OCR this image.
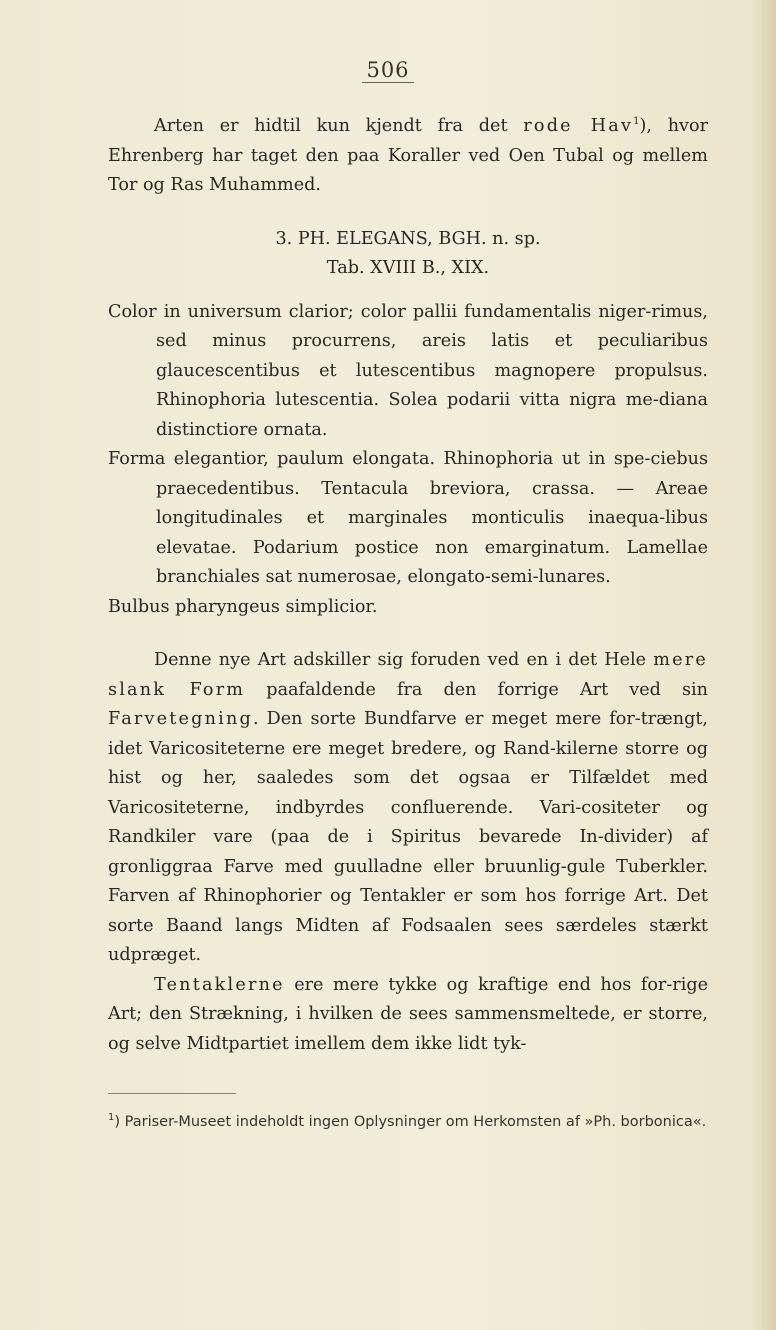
506

Arten er hidtil kun kjendt fra det rode Hav$^1$), hvor Ehrenberg har taget den paa Koraller ved Oen Tubal og mellem Tor og Ras Muhammed.

3. PH. ELEGANS, BGH. n. sp.

Tab. XVIII B., XIX.

Color in universum clarior; color pallii fundamentalis niger-rimus, sed minus procurrens, areis latis et peculiaribus glaucescentibus et lutescentibus magnopere propulsus. Rhinophoria lutescentia. Solea podarii vitta nigra me-diana distinctiore ornata.

Forma elegantior, paulum elongata. Rhinophoria ut in spe-ciebus praecedentibus. Tentacula breviora, crassa. — Areae longitudinales et marginales monticulis inaequa-libus elevatae. Podarium postice non emarginatum. Lamellae branchiales sat numerosae, elongato-semi-lunares.

Bulbus pharyngeus simplicior.

Denne nye Art adskiller sig foruden ved en i det Hele mere slank Form paafaldende fra den forrige Art ved sin Farvetegning. Den sorte Bundfarve er meget mere for-trængt, idet Varicositeterne ere meget bredere, og Rand-kilerne storre og hist og her, saaledes som det ogsaa er Tilfældet med Varicositeterne, indbyrdes confluerende. Vari-cositeter og Randkiler vare (paa de i Spiritus bevarede In-divider) af gronliggraa Farve med guulladne eller bruunlig-gule Tuberkler. Farven af Rhinophorier og Tentakler er som hos forrige Art. Det sorte Baand langs Midten af Fodsaalen sees særdeles stærkt udpræget.

Tentaklerne ere mere tykke og kraftige end hos for-rige Art; den Strækning, i hvilken de sees sammensmeltede, er storre, og selve Midtpartiet imellem dem ikke lidt tyk-

$^1$) Pariser-Museet indeholdt ingen Oplysninger om Herkomsten af »Ph. borbonica«.
